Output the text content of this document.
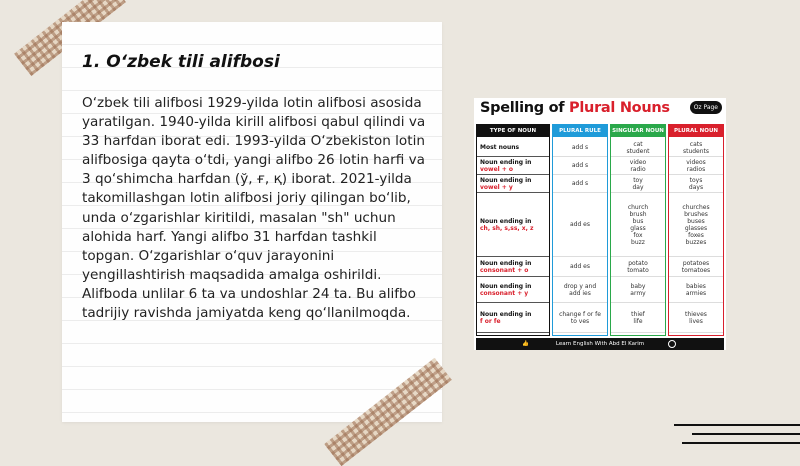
1. O‘zbek tili alifbosi

O‘zbek tili alifbosi 1929-yilda lotin alifbosi asosida yaratilgan. 1940-yilda kirill alifbosi qabul qilindi va 33 harfdan iborat edi. 1993-yilda O‘zbekiston lotin alifbosiga qayta o‘tdi, yangi alifbo 26 lotin harfi va 3 qo‘shimcha harfdan (ў, ғ, қ) iborat. 2021-yilda takomillashgan lotin alifbosi joriy qilingan bo‘lib, unda o‘zgarishlar kiritildi, masalan "sh" uchun alohida harf. Yangi alifbo 31 harfdan tashkil topgan. O‘zgarishlar o‘quv jarayonini yengillashtirish maqsadida amalga oshirildi. Alifboda unlilar 6 ta va undoshlar 24 ta. Bu alifbo tadrijiy ravishda jamiyatda keng qo‘llanilmoqda.

Spelling of Plural Nouns	Oz Page
TYPE OF NOUN
Most nouns
Noun ending in
vowel + o
Noun ending in
vowel + y
Noun ending in
ch, sh, s,ss, x, z
Noun ending in
consonant + o
Noun ending in
consonant + y
Noun ending in
f or fe
PLURAL RULE
add s
add s
add s
add es
add es
drop y and
add ies
change f or fe
to ves
SINGULAR NOUN
cat
student
video
radio
toy
day
church
brush
bus
glass
fox
buzz
potato
tomato
baby
army
thief
life
PLURAL NOUN
cats
students
videos
radios
toys
days
churches
brushes
buses
glasses
foxes
buzzes
potatoes
tomatoes
babies
armies
thieves
lives
👍	Learn English With Abd El Karim
